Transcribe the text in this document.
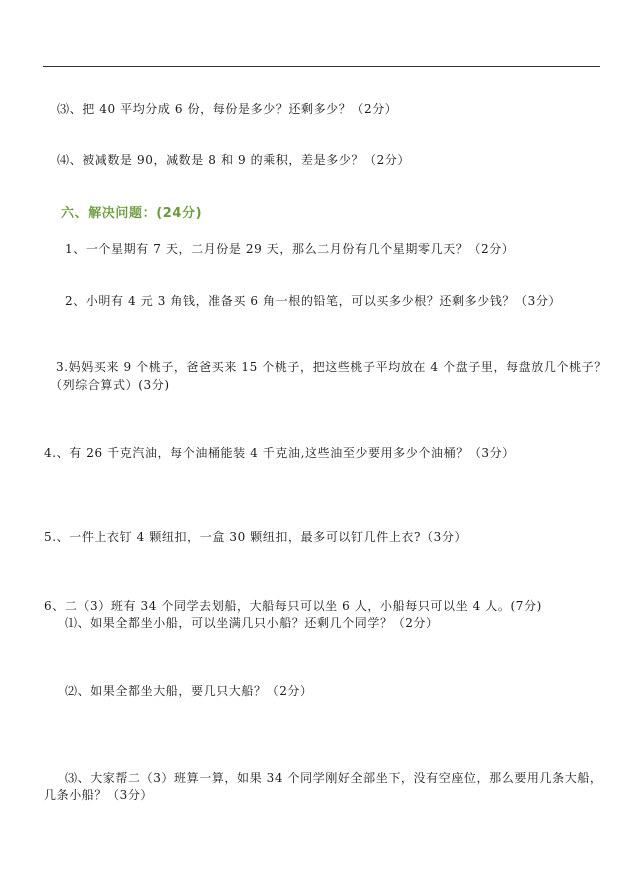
⑶、把 40 平均分成 6 份，每份是多少？还剩多少？（2分）
⑷、被减数是 90，减数是 8 和 9 的乘积，差是多少？（2分）
六、解决问题：(24分)
1、一个星期有 7 天，二月份是 29 天，那么二月份有几个星期零几天？（2分）
2、小明有 4 元 3 角钱，准备买 6 角一根的铅笔，可以买多少根？还剩多少钱？（3分）
3.妈妈买来 9 个桃子，爸爸买来 15 个桃子，把这些桃子平均放在 4 个盘子里，每盘放几个桃子？
（列综合算式）(3分)
4.、有 26 千克汽油，每个油桶能装 4 千克油,这些油至少要用多少个油桶？（3分）
5.、一件上衣钉 4 颗纽扣，一盒 30 颗纽扣，最多可以钉几件上衣?（3分）
6、二（3）班有 34 个同学去划船，大船每只可以坐 6 人，小船每只可以坐 4 人。(7分)
⑴、如果全都坐小船，可以坐满几只小船？还剩几个同学？（2分）
⑵、如果全都坐大船，要几只大船？（2分）
⑶、大家帮二（3）班算一算，如果 34 个同学刚好全部坐下，没有空座位，那么要用几条大船，
几条小船？（3分）
